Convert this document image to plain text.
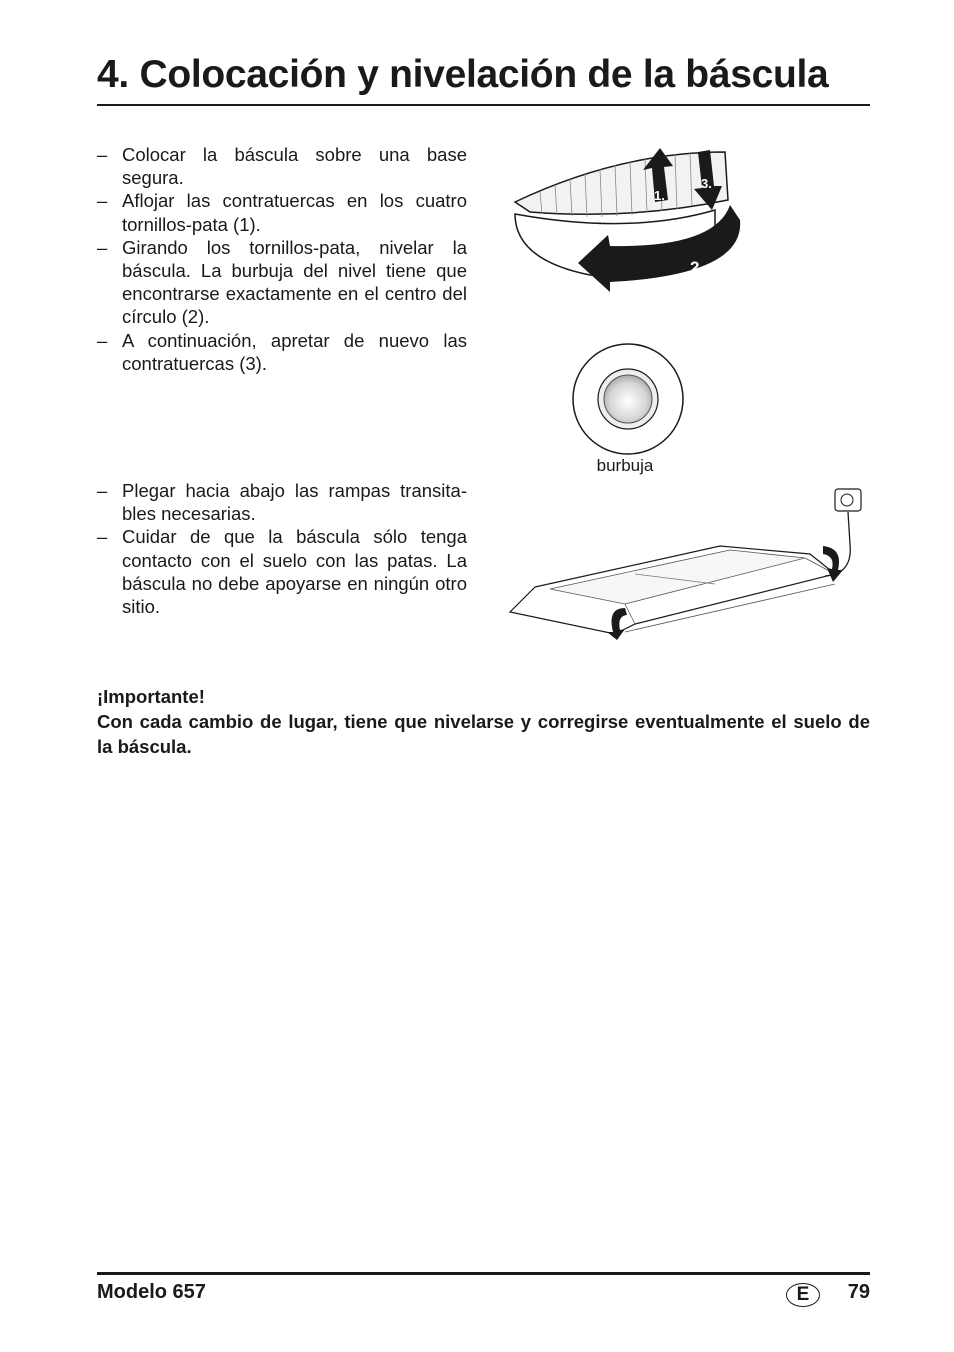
4. Colocación y nivelación de la báscula
– Colocar la báscula sobre una base segura.
– Aflojar las contratuercas en los cuatro tornillos-pata (1).
– Girando los tornillos-pata, nivelar la báscula. La burbuja del nivel tiene que encontrarse exactamente en el centro del círculo (2).
– A continuación, apretar de nuevo las contratuercas (3).
2.
1.
3.
burbuja
– Plegar hacia abajo las rampas transitables necesarias.
– Cuidar de que la báscula sólo tenga contacto con el suelo con las patas. La báscula no debe apoyarse en ningún otro sitio.
¡Importante!
Con cada cambio de lugar, tiene que nivelarse y corregirse eventualmente el suelo de la báscula.
Modelo 657	E	79
